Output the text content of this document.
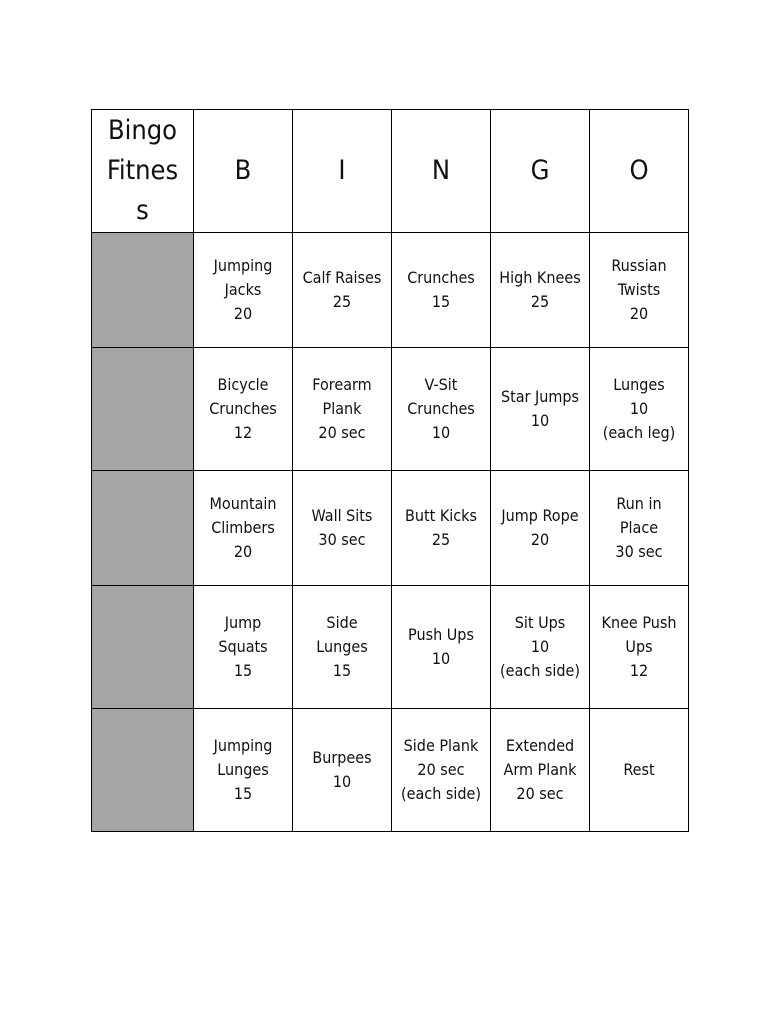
Bingo
Fitnes
s	B	I	N	G	O
	Jumping
Jacks
20	Calf Raises
25	Crunches
15	High Knees
25	Russian
Twists
20
	Bicycle
Crunches
12	Forearm
Plank
20 sec	V-Sit
Crunches
10	Star Jumps
10	Lunges
10
(each leg)
	Mountain
Climbers
20	Wall Sits
30 sec	Butt Kicks
25	Jump Rope
20	Run in
Place
30 sec
	Jump
Squats
15	Side
Lunges
15	Push Ups
10	Sit Ups
10
(each side)	Knee Push
Ups
12
	Jumping
Lunges
15	Burpees
10	Side Plank
20 sec
(each side)	Extended
Arm Plank
20 sec	Rest
